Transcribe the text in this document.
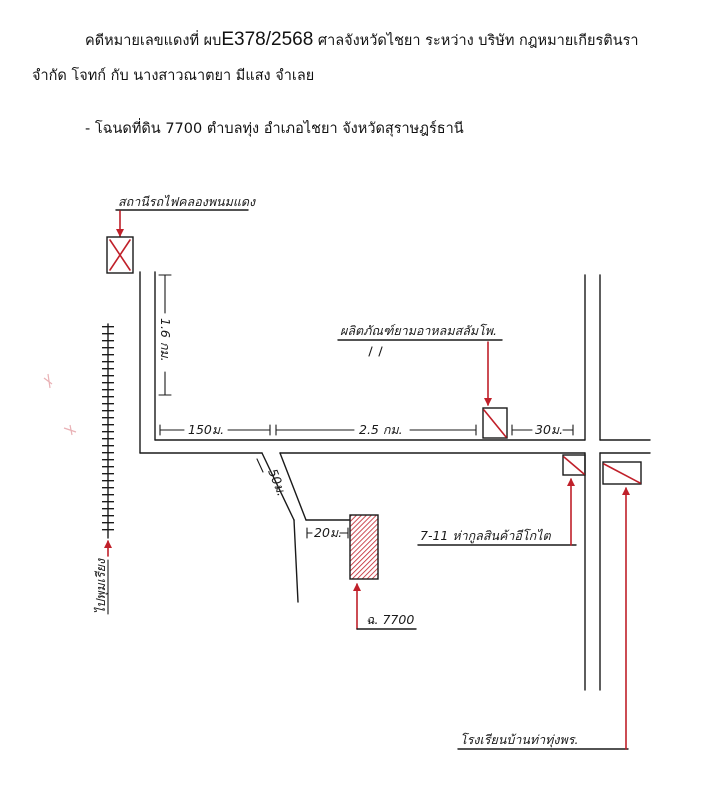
คดีหมายเลขแดงที่ ผบE378/2568 ศาลจังหวัดไชยา ระหว่าง บริษัท กฎหมายเกียรตินรา
จำกัด โจทก์ กับ นางสาวณาตยา มีแสง จำเลย
- โฉนดที่ดิน 7700 ตำบลทุ่ง อำเภอไชยา จังหวัดสุราษฎร์ธานี
สถานีรถไฟคลองพนมแดง
ไปพุมเรียง
1.6 กม.
150ม.	2.5 กม.	30ม.
ผลิตภัณฑ์ยามอาหลมสลัมโพ.
50ม.
20ม.
ฉ. 7700
7-11 ห่ากูลสินค้าอีโกไต
โรงเรียนบ้านท่าทุ่งพร.
